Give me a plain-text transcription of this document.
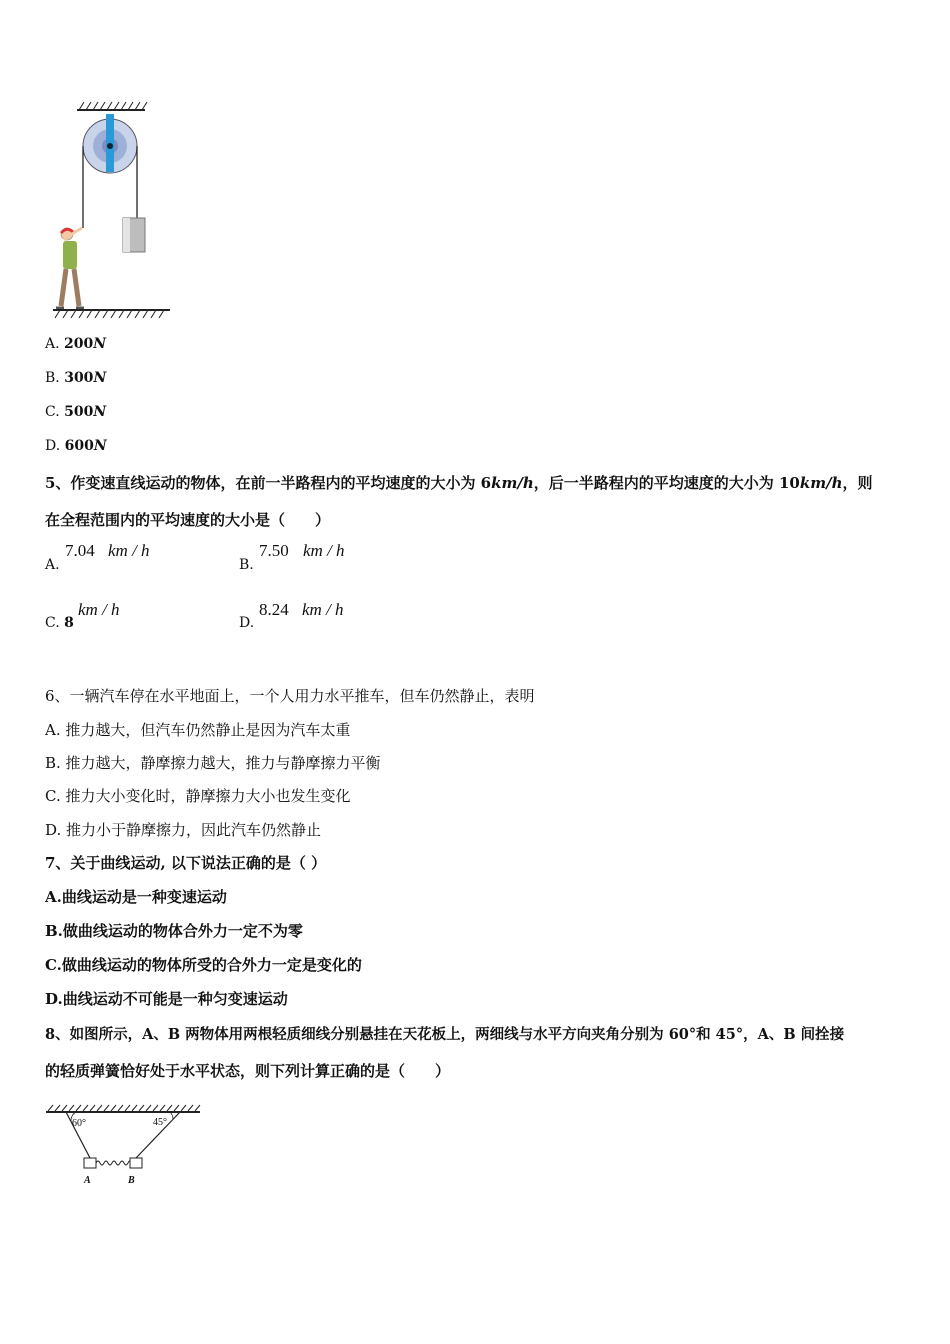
A. 200N
B. 300N
C. 500N
D. 600N
5、作变速直线运动的物体，在前一半路程内的平均速度的大小为 6km/h，后一半路程内的平均速度的大小为 10km/h，则
在全程范围内的平均速度的大小是（　　）
A.
7.04 km / h
B.
7.50 km / h
C. 8
km / h
D.
8.24 km / h
6、一辆汽车停在水平地面上，一个人用力水平推车，但车仍然静止，表明
A. 推力越大，但汽车仍然静止是因为汽车太重
B. 推力越大，静摩擦力越大，推力与静摩擦力平衡
C. 推力大小变化时，静摩擦力大小也发生变化
D. 推力小于静摩擦力，因此汽车仍然静止
7、关于曲线运动, 以下说法正确的是（ ）
A.曲线运动是一种变速运动
B.做曲线运动的物体合外力一定不为零
C.做曲线运动的物体所受的合外力一定是变化的
D.曲线运动不可能是一种匀变速运动
8、如图所示，A、B 两物体用两根轻质细线分别悬挂在天花板上，两细线与水平方向夹角分别为 60°和 45°，A、B 间拴接
的轻质弹簧恰好处于水平状态，则下列计算正确的是（　　）
60°	45°
A	B
